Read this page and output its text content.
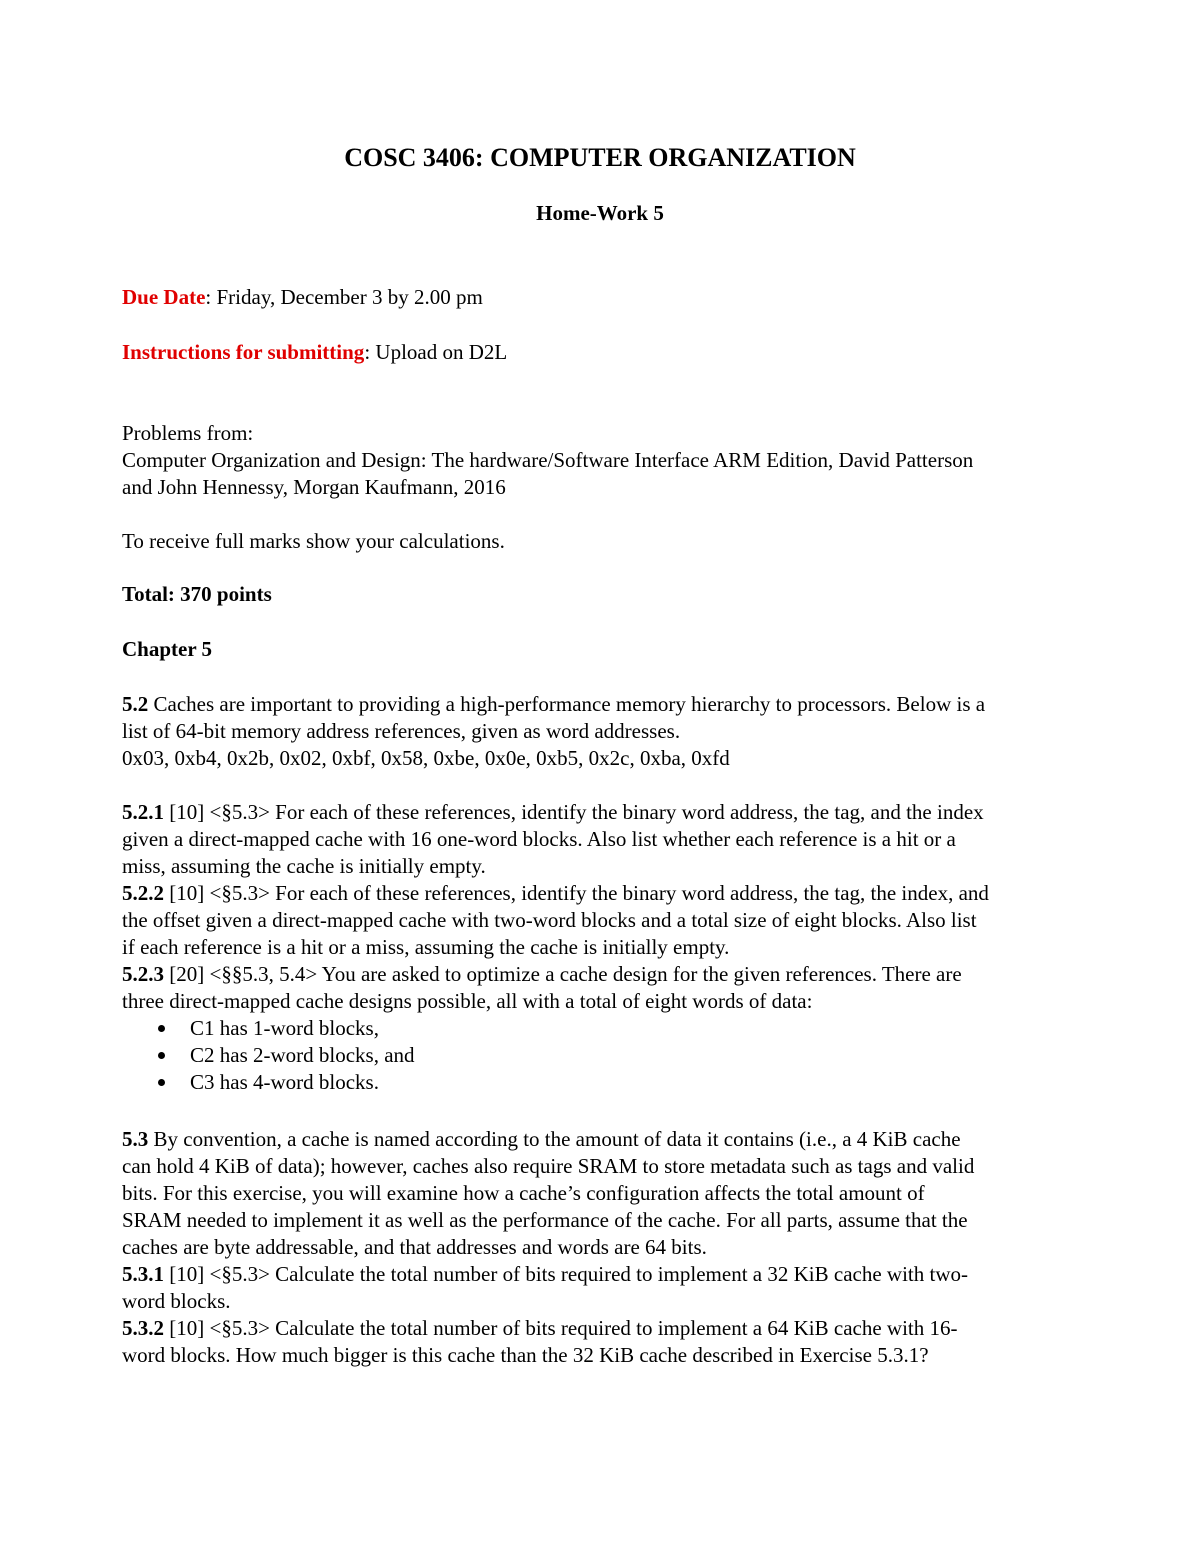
COSC 3406: COMPUTER ORGANIZATION
Home-Work 5
Due Date: Friday, December 3 by 2.00 pm
Instructions for submitting: Upload on D2L

Problems from:

Computer Organization and Design: The hardware/Software Interface ARM Edition, David Patterson

and John Hennessy, Morgan Kaufmann, 2016

To receive full marks show your calculations.
Total: 370 points
Chapter 5

5.2 Caches are important to providing a high-performance memory hierarchy to processors. Below is a

list of 64-bit memory address references, given as word addresses.

0x03, 0xb4, 0x2b, 0x02, 0xbf, 0x58, 0xbe, 0x0e, 0xb5, 0x2c, 0xba, 0xfd

5.2.1 [10] <§5.3> For each of these references, identify the binary word address, the tag, and the index

given a direct-mapped cache with 16 one-word blocks. Also list whether each reference is a hit or a

miss, assuming the cache is initially empty.

5.2.2 [10] <§5.3> For each of these references, identify the binary word address, the tag, the index, and

the offset given a direct-mapped cache with two-word blocks and a total size of eight blocks. Also list

if each reference is a hit or a miss, assuming the cache is initially empty.

5.2.3 [20] <§§5.3, 5.4> You are asked to optimize a cache design for the given references. There are

three direct-mapped cache designs possible, all with a total of eight words of data:

C1 has 1-word blocks,
C2 has 2-word blocks, and
C3 has 4-word blocks.

5.3 By convention, a cache is named according to the amount of data it contains (i.e., a 4 KiB cache

can hold 4 KiB of data); however, caches also require SRAM to store metadata such as tags and valid

bits. For this exercise, you will examine how a cache’s configuration affects the total amount of

SRAM needed to implement it as well as the performance of the cache. For all parts, assume that the

caches are byte addressable, and that addresses and words are 64 bits.

5.3.1 [10] <§5.3> Calculate the total number of bits required to implement a 32 KiB cache with two-

word blocks.

5.3.2 [10] <§5.3> Calculate the total number of bits required to implement a 64 KiB cache with 16-

word blocks. How much bigger is this cache than the 32 KiB cache described in Exercise 5.3.1?
